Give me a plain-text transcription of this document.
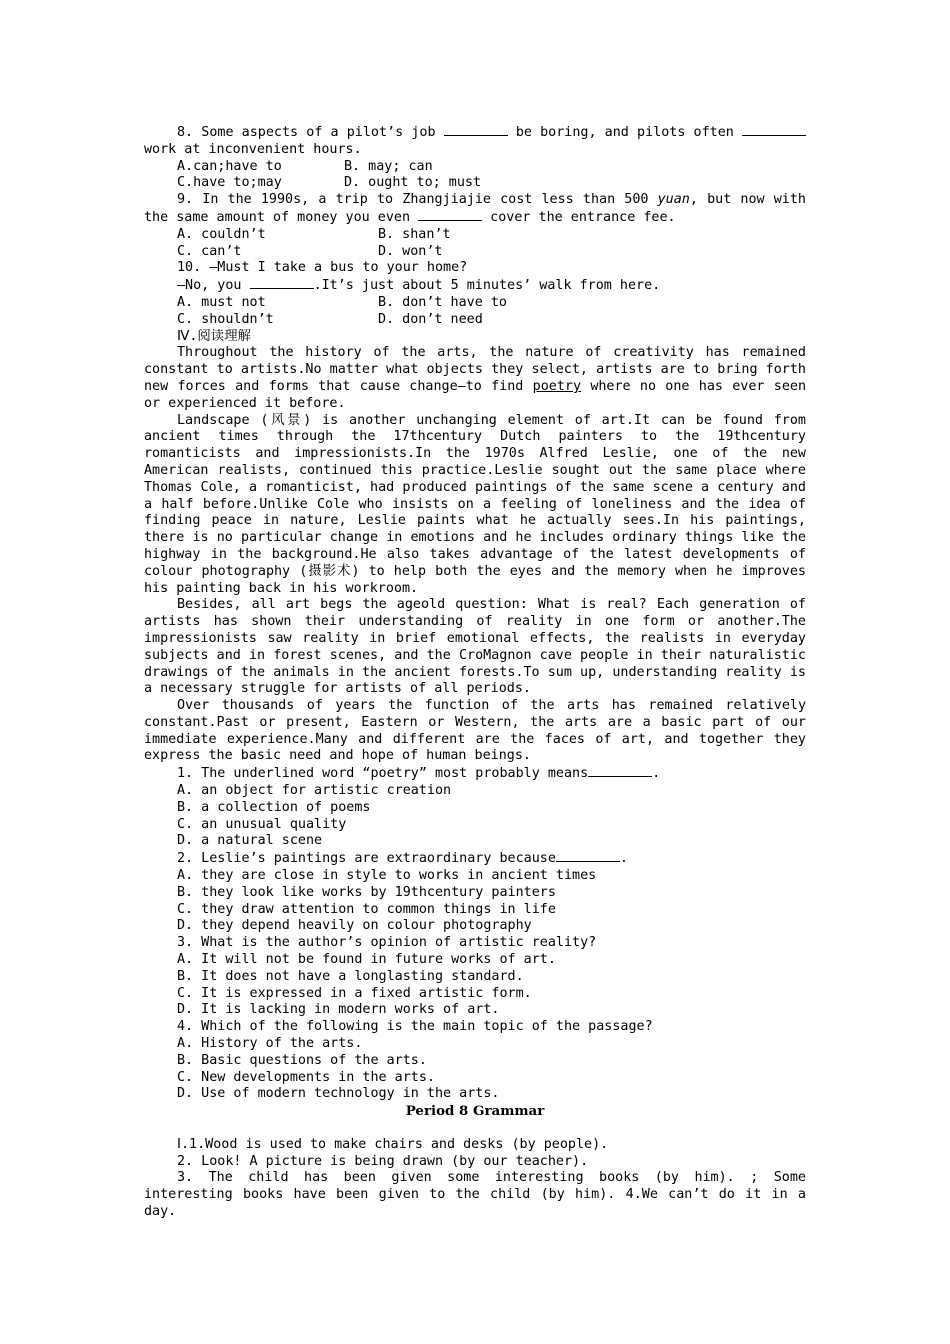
8. Some aspects of a pilot’s job	be boring, and pilots often  work at inconvenient hours.

A.can;have to	B. may; can
C.have to;may	D. ought to; must

9. In the 1990s, a trip to Zhangjiajie cost less than 500 yuan, but now with the same amount of money you even	cover the entrance fee.

A. couldn’t	B. shan’t
C. can’t	D. won’t

10. —Must I take a bus to your home?

—No, you	.It’s just about 5 minutes’ walk from here.

A. must not	B. don’t have to
C. shouldn’t	D. don’t need

Ⅳ.阅读理解

Throughout the history of the arts, the nature of creativity has remained constant to artists.No matter what objects they select, artists are to bring forth new forces and forms that cause change—to find poetry where no one has ever seen or experienced it before.

Landscape (风景) is another unchanging element of art.It can be found from ancient times through the 17thcentury Dutch painters to the 19thcentury romanticists and impressionists.In the 1970s Alfred Leslie, one of the new American realists, continued this practice.Leslie sought out the same place where Thomas Cole, a romanticist, had produced paintings of the same scene a century and a half before.Unlike Cole who insists on a feeling of loneliness and the idea of finding peace in nature, Leslie paints what he actually sees.In his paintings, there is no particular change in emotions and he includes ordinary things like the highway in the background.He also takes advantage of the latest developments of colour photography (摄影术) to help both the eyes and the memory when he improves his painting back in his workroom.

Besides, all art begs the ageold question: What is real? Each generation of artists has shown their understanding of reality in one form or another.The impressionists saw reality in brief emotional effects, the realists in everyday subjects and in forest scenes, and the CroMagnon cave people in their naturalistic drawings of the animals in the ancient forests.To sum up, understanding reality is a necessary struggle for artists of all periods.

Over thousands of years the function of the arts has remained relatively constant.Past or present, Eastern or Western, the arts are a basic part of our immediate experience.Many and different are the faces of art, and together they express the basic need and hope of human beings.

1. The underlined word “poetry” most probably means	.

A. an object for artistic creation

B. a collection of poems

C. an unusual quality

D. a natural scene

2. Leslie’s paintings are extraordinary because	.

A. they are close in style to works in ancient times

B. they look like works by 19thcentury painters

C. they draw attention to common things in life

D. they depend heavily on colour photography

3. What is the author’s opinion of artistic reality?

A. It will not be found in future works of art.

B. It does not have a longlasting standard.

C. It is expressed in a fixed artistic form.

D. It is lacking in modern works of art.

4. Which of the following is the main topic of the passage?

A. History of the arts.

B. Basic questions of the arts.

C. New developments in the arts.

D. Use of modern technology in the arts.

Period 8 Grammar

Ⅰ.1.Wood is used to make chairs and desks (by people).

2. Look! A picture is being drawn (by our teacher).

3. The child has been given some interesting books (by him). ; Some interesting books have been given to the child (by him). 4.We can’t do it in a day.
